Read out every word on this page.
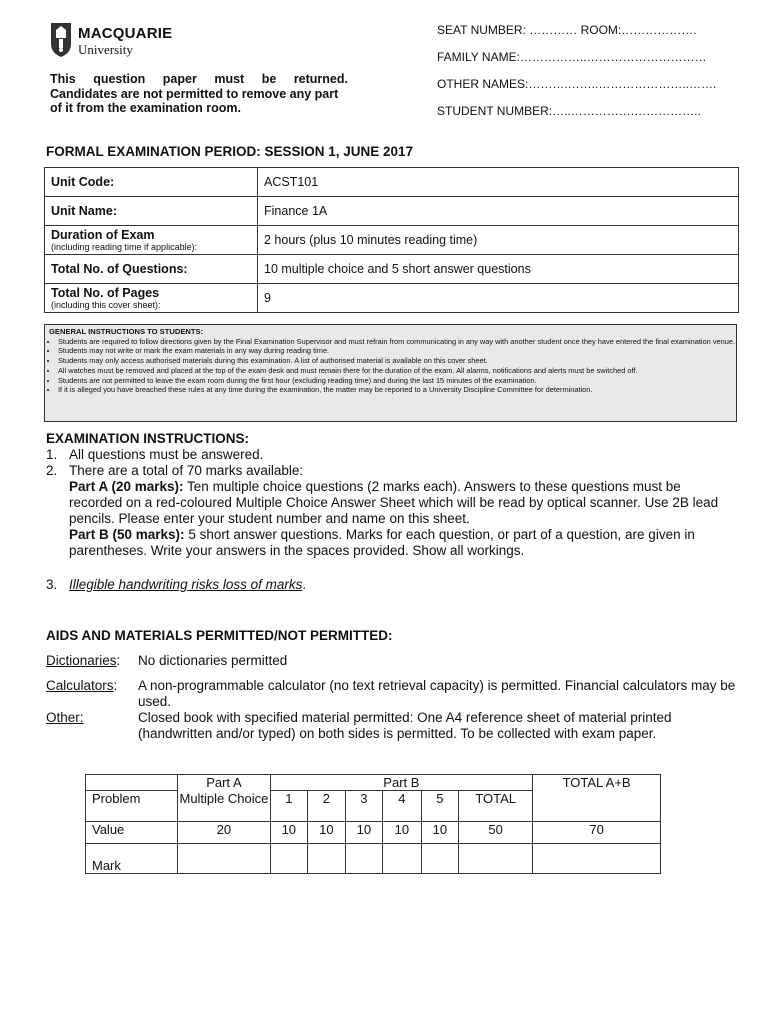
MACQUARIE
University
This question paper must be returned.
Candidates are not permitted to remove any part
of it from the examination room.
SEAT NUMBER: ………… ROOM:……………….
FAMILY NAME:……………..…………………………
OTHER NAMES:……….……..…………………..…….
STUDENT NUMBER:…..…………….……………..
FORMAL EXAMINATION PERIOD: SESSION 1, JUNE 2017
Unit Code:	ACST101
Unit Name:	Finance 1A
Duration of Exam
(including reading time if applicable):	2 hours (plus 10 minutes reading time)
Total No. of Questions:	10 multiple choice and 5 short answer questions
Total No. of Pages
(including this cover sheet):	9
GENERAL INSTRUCTIONS TO STUDENTS:
• Students are required to follow directions given by the Final Examination Supervisor and must refrain from communicating in any way with another student once they have entered the final examination venue.
• Students may not write or mark the exam materials in any way during reading time.
• Students may only access authorised materials during this examination. A list of authorised material is available on this cover sheet.
• All watches must be removed and placed at the top of the exam desk and must remain there for the duration of the exam. All alarms, notifications and alerts must be switched off.
• Students are not permitted to leave the exam room during the first hour (excluding reading time) and during the last 15 minutes of the examination.
• If it is alleged you have breached these rules at any time during the examination, the matter may be reported to a University Discipline Committee for determination.
EXAMINATION INSTRUCTIONS:
1. All questions must be answered.
2. There are a total of 70 marks available:
Part A (20 marks): Ten multiple choice questions (2 marks each). Answers to these questions must be recorded on a red-coloured Multiple Choice Answer Sheet which will be read by optical scanner. Use 2B lead pencils. Please enter your student number and name on this sheet.
Part B (50 marks): 5 short answer questions. Marks for each question, or part of a question, are given in parentheses. Write your answers in the spaces provided. Show all workings.
3. Illegible handwriting risks loss of marks.
AIDS AND MATERIALS PERMITTED/NOT PERMITTED:
Dictionaries:	No dictionaries permitted
Calculators:	A non-programmable calculator (no text retrieval capacity) is permitted. Financial calculators may be used.
Other:	Closed book with specified material permitted: One A4 reference sheet of material printed (handwritten and/or typed) on both sides is permitted. To be collected with exam paper.
	Part A	Part B						TOTAL A+B
Problem	Multiple Choice	1	2	3	4	5	TOTAL	
Value	20	10	10	10	10	10	50	70
Mark								
